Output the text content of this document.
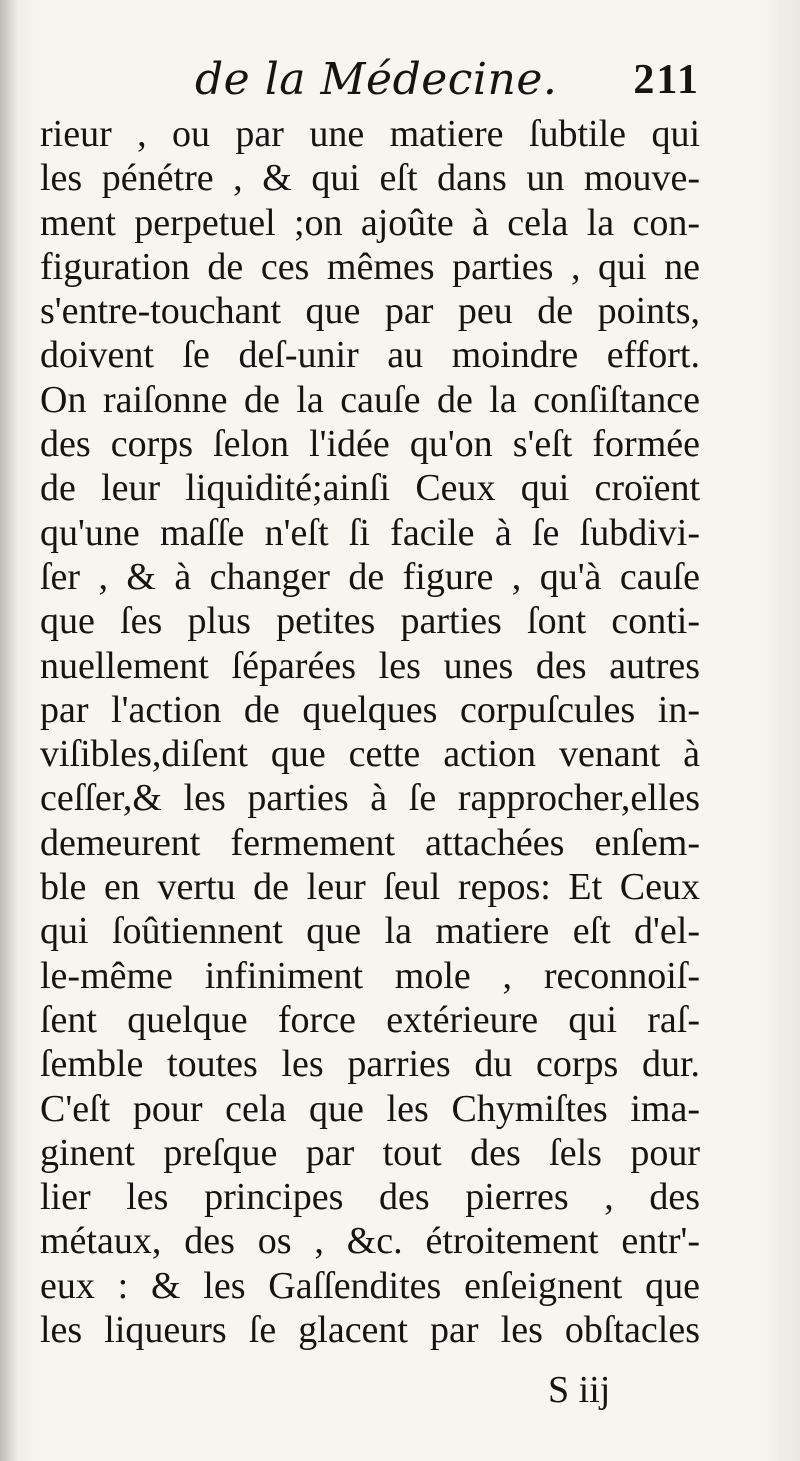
de la Médecine. 211
rieur , ou par une matiere ſubtile qui
les pénétre , & qui eſt dans un mouve-
ment perpetuel ;on ajoûte à cela la con-
figuration de ces mêmes parties , qui ne
s'entre-touchant que par peu de points,
doivent ſe deſ-unir au moindre effort.
On raiſonne de la cauſe de la conſiſtance
des corps ſelon l'idée qu'on s'eſt formée
de leur liquidité;ainſi Ceux qui croïent
qu'une maſſe n'eſt ſi facile à ſe ſubdivi-
ſer , & à changer de figure , qu'à cauſe
que ſes plus petites parties ſont conti-
nuellement ſéparées les unes des autres
par l'action de quelques corpuſcules in-
viſibles,diſent que cette action venant à
ceſſer,& les parties à ſe rapprocher,elles
demeurent fermement attachées enſem-
ble en vertu de leur ſeul repos: Et Ceux
qui ſoûtiennent que la matiere eſt d'el-
le-même infiniment mole , reconnoiſ-
ſent quelque force extérieure qui raſ-
ſemble toutes les parries du corps dur.
C'eſt pour cela que les Chymiſtes ima-
ginent preſque par tout des ſels pour
lier les principes des pierres , des
métaux, des os , &c. étroitement entr'-
eux : & les Gaſſendites enſeignent que
les liqueurs ſe glacent par les obſtacles
S iij
